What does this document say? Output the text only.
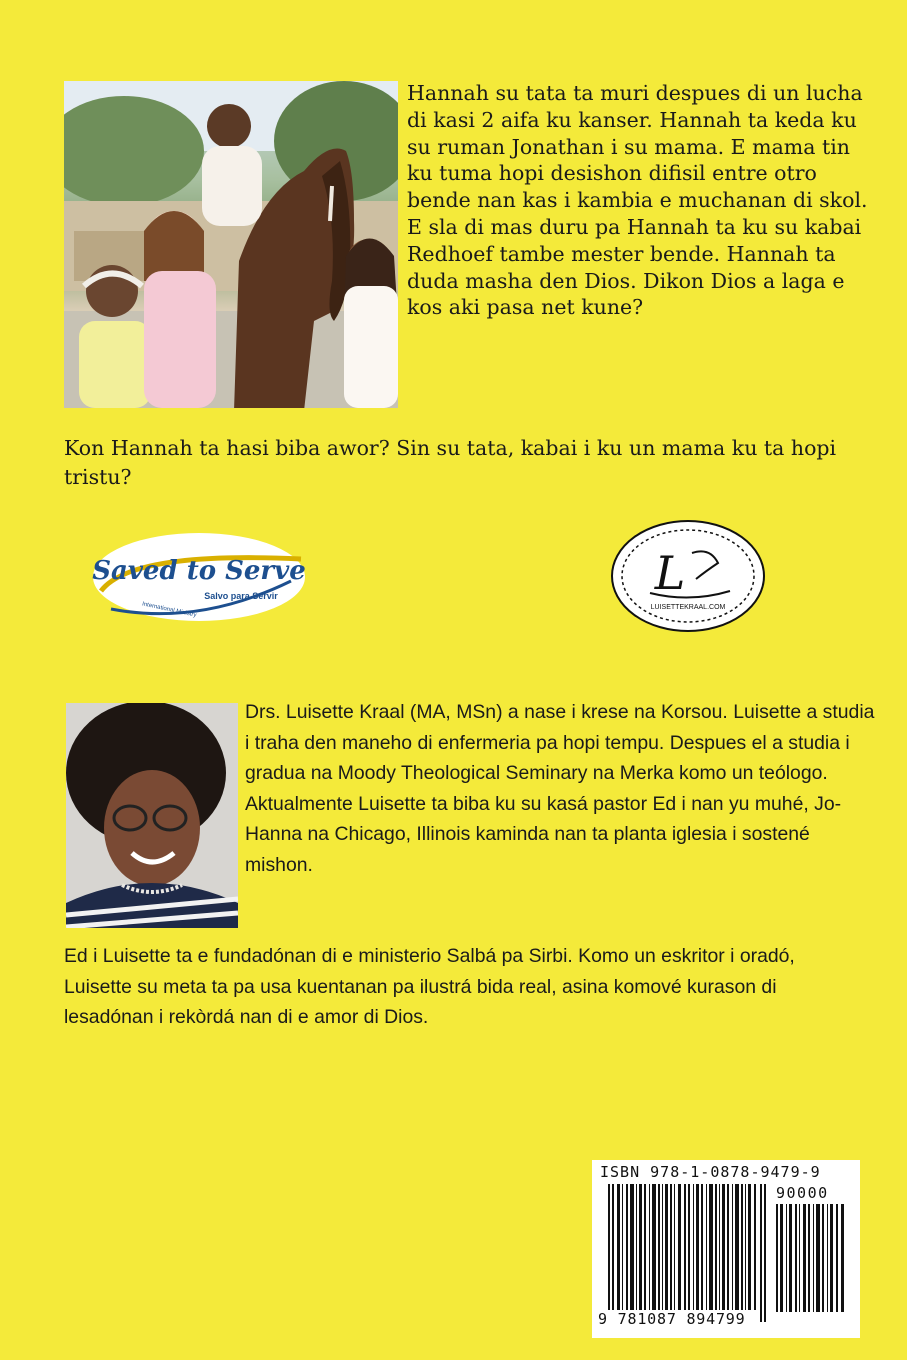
Hannah su tata ta muri despues di un lucha di kasi 2 aifa ku kanser. Hannah ta keda ku su ruman Jonathan i su mama. E mama tin ku tuma hopi desishon difisil entre otro bende nan kas i kambia e muchanan di skol. E sla di mas duru pa Hannah ta ku su kabai Redhoef tambe mester bende. Hannah ta duda masha den Dios. Dikon Dios a laga e kos aki pasa net kune?

Kon Hannah ta hasi biba awor? Sin su tata, kabai i ku un mama ku ta hopi tristu?

Saved to Serve
Salvo para Servir
International Ministry
L
LUISETTEKRAAL.COM

Drs. Luisette Kraal (MA, MSn) a nase i krese na Korsou. Luisette a studia i traha den maneho di enfermeria pa hopi tempu. Despues el a studia i gradua na Moody Theological Seminary na Merka komo un teólogo. Aktualmente Luisette ta biba ku su kasá pastor Ed i nan yu muhé, Jo-Hanna na Chicago, Illinois kaminda nan ta planta iglesia i sostené mishon.

Ed i Luisette ta e fundadónan di e ministerio Salbá pa Sirbi. Komo un eskritor i oradó, Luisette su meta ta pa usa kuentanan pa ilustrá bida real, asina komové kurason di lesadónan i rekòrdá nan di e amor di Dios.

ISBN 978-1-0878-9479-9
90000
9 781087 894799
